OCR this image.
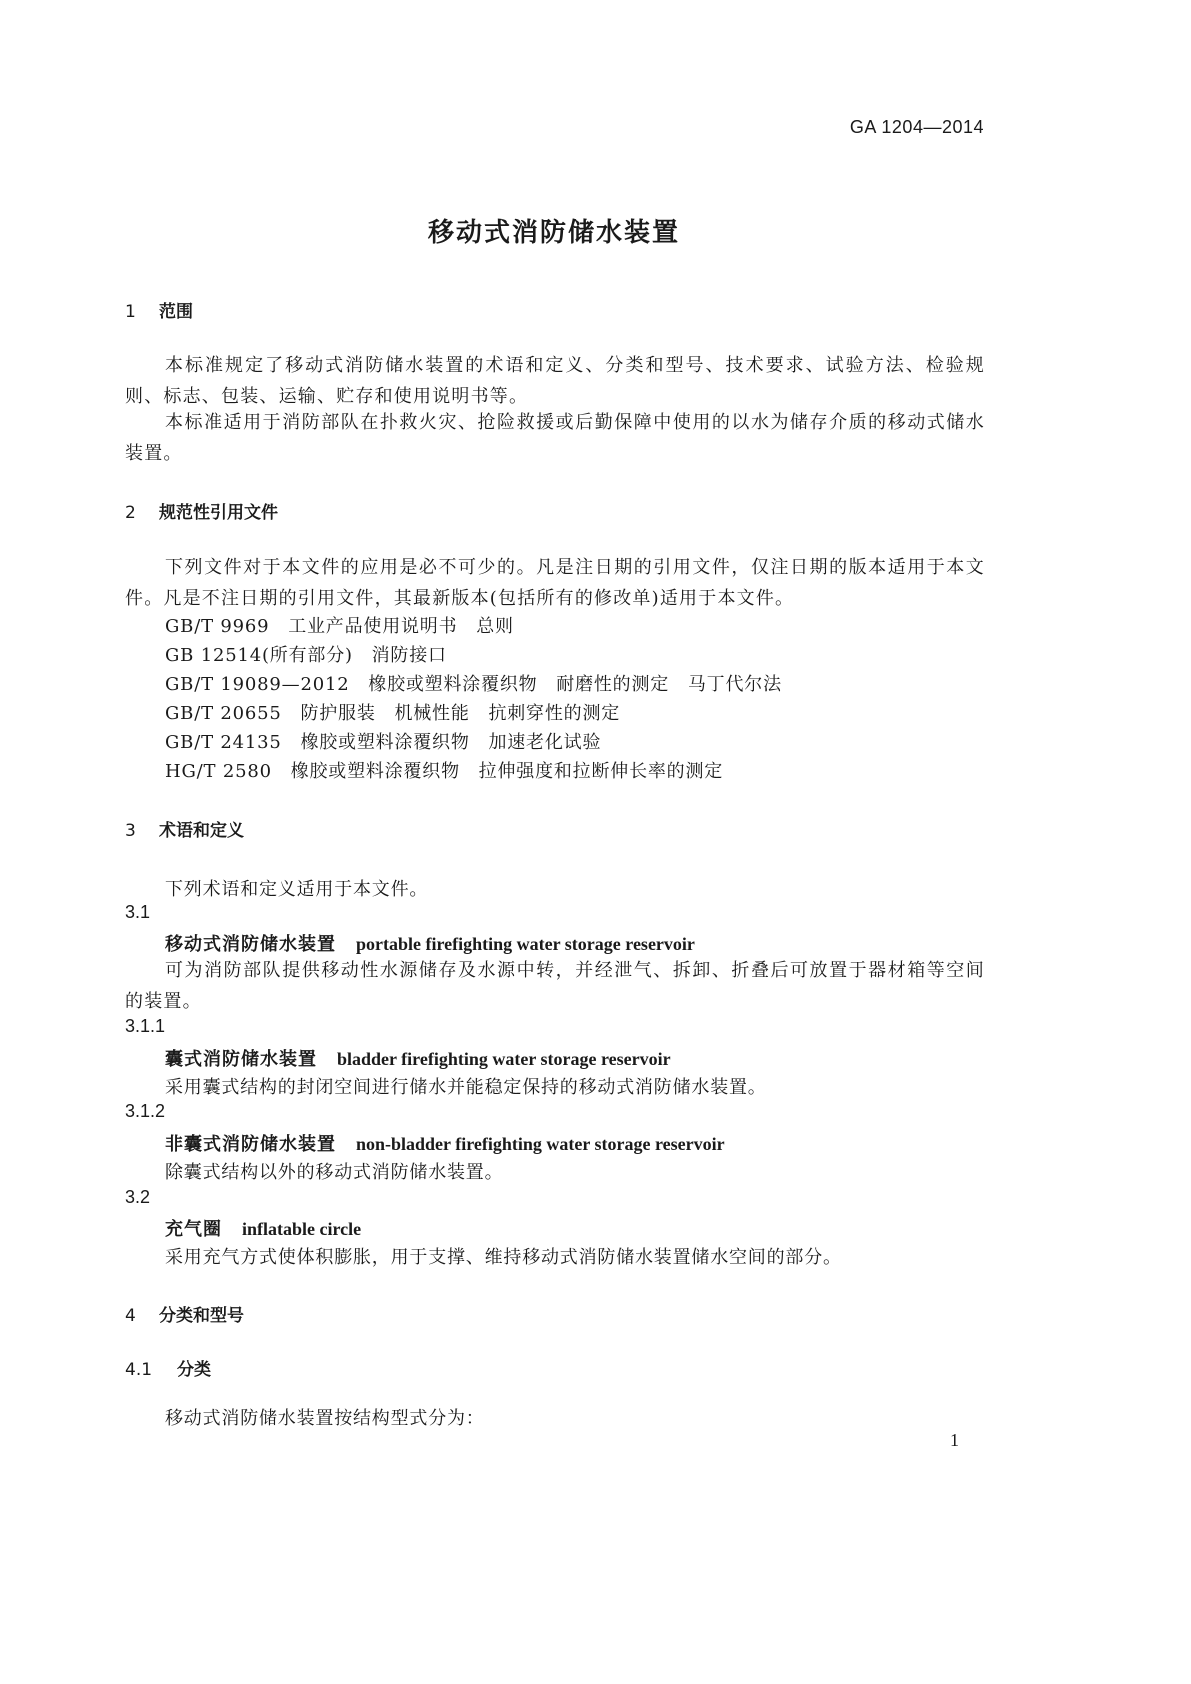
GA 1204—2014
移动式消防储水装置
1 范围
本标准规定了移动式消防储水装置的术语和定义、分类和型号、技术要求、试验方法、检验规则、标志、包装、运输、贮存和使用说明书等。
本标准适用于消防部队在扑救火灾、抢险救援或后勤保障中使用的以水为储存介质的移动式储水装置。
2 规范性引用文件
下列文件对于本文件的应用是必不可少的。凡是注日期的引用文件，仅注日期的版本适用于本文件。凡是不注日期的引用文件，其最新版本(包括所有的修改单)适用于本文件。
GB/T 9969　工业产品使用说明书　总则
GB 12514(所有部分)　消防接口
GB/T 19089—2012　橡胶或塑料涂覆织物　耐磨性的测定　马丁代尔法
GB/T 20655　防护服装　机械性能　抗刺穿性的测定
GB/T 24135　橡胶或塑料涂覆织物　加速老化试验
HG/T 2580　橡胶或塑料涂覆织物　拉伸强度和拉断伸长率的测定
3 术语和定义
下列术语和定义适用于本文件。
3.1
移动式消防储水装置 portable firefighting water storage reservoir
可为消防部队提供移动性水源储存及水源中转，并经泄气、拆卸、折叠后可放置于器材箱等空间的装置。
3.1.1
囊式消防储水装置 bladder firefighting water storage reservoir
采用囊式结构的封闭空间进行储水并能稳定保持的移动式消防储水装置。
3.1.2
非囊式消防储水装置 non-bladder firefighting water storage reservoir
除囊式结构以外的移动式消防储水装置。
3.2
充气圈 inflatable circle
采用充气方式使体积膨胀，用于支撑、维持移动式消防储水装置储水空间的部分。
4 分类和型号
4.1 分类
移动式消防储水装置按结构型式分为：
1
